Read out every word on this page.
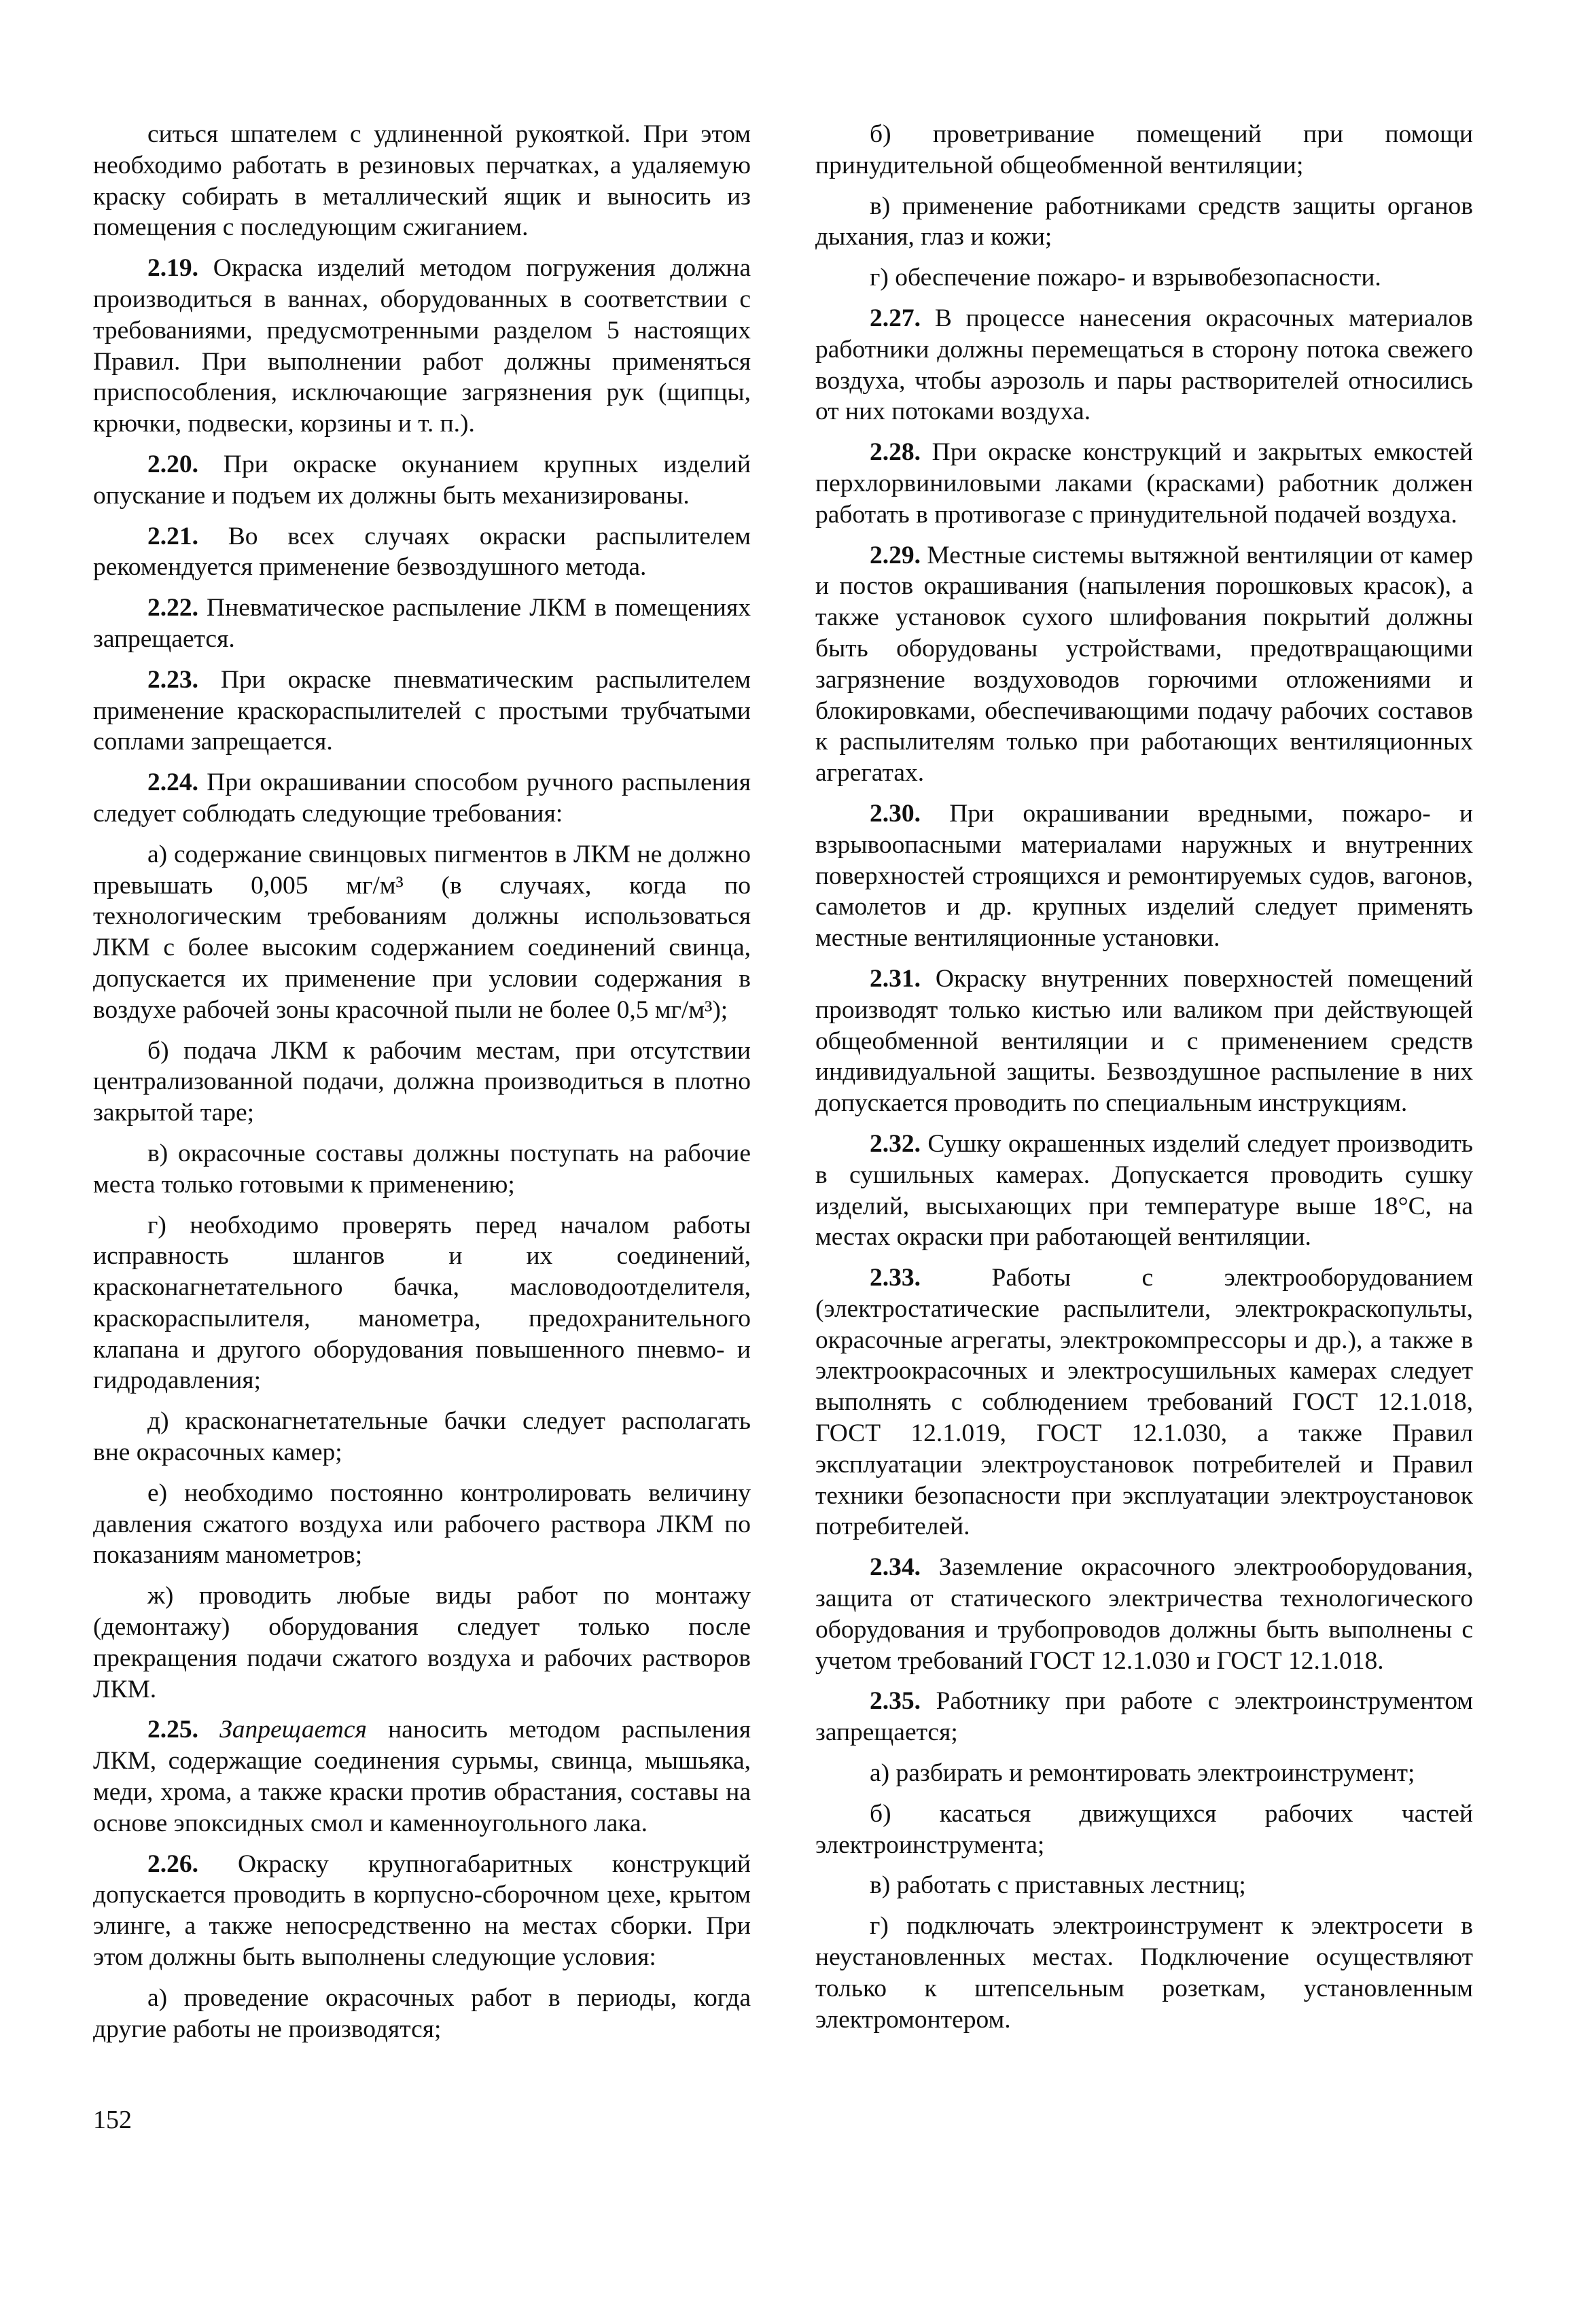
ситься шпателем с удлиненной рукояткой. При этом необходимо работать в резиновых перчатках, а удаляемую краску собирать в металлический ящик и выносить из помещения с последующим сжиганием.

2.19. Окраска изделий методом погружения должна производиться в ваннах, оборудованных в соответствии с требованиями, предусмотренными разделом 5 настоящих Правил. При выполнении работ должны применяться приспособления, исключающие загрязнения рук (щипцы, крючки, подвески, корзины и т. п.).

2.20. При окраске окунанием крупных изделий опускание и подъем их должны быть механизированы.

2.21. Во всех случаях окраски распылителем рекомендуется применение безвоздушного метода.

2.22. Пневматическое распыление ЛКМ в помещениях запрещается.

2.23. При окраске пневматическим распылителем применение краскораспылителей с простыми трубчатыми соплами запрещается.

2.24. При окрашивании способом ручного распыления следует соблюдать следующие требования:

а) содержание свинцовых пигментов в ЛКМ не должно превышать 0,005 мг/м³ (в случаях, когда по технологическим требованиям должны использоваться ЛКМ с более высоким содержанием соединений свинца, допускается их применение при условии содержания в воздухе рабочей зоны красочной пыли не более 0,5 мг/м³);

б) подача ЛКМ к рабочим местам, при отсутствии централизованной подачи, должна производиться в плотно закрытой таре;

в) окрасочные составы должны поступать на рабочие места только готовыми к применению;

г) необходимо проверять перед началом работы исправность шлангов и их соединений, красконагнетательного бачка, масловодоотделителя, краскораспылителя, манометра, предохранительного клапана и другого оборудования повышенного пневмо- и гидродавления;

д) красконагнетательные бачки следует располагать вне окрасочных камер;

е) необходимо постоянно контролировать величину давления сжатого воздуха или рабочего раствора ЛКМ по показаниям манометров;

ж) проводить любые виды работ по монтажу (демонтажу) оборудования следует только после прекращения подачи сжатого воздуха и рабочих растворов ЛКМ.

2.25. Запрещается наносить методом распыления ЛКМ, содержащие соединения сурьмы, свинца, мышьяка, меди, хрома, а также краски против обрастания, составы на основе эпоксидных смол и каменноугольного лака.

2.26. Окраску крупногабаритных конструкций допускается проводить в корпусно-сборочном цехе, крытом элинге, а также непосредственно на местах сборки. При этом должны быть выполнены следующие условия:

а) проведение окрасочных работ в периоды, когда другие работы не производятся;

б) проветривание помещений при помощи принудительной общеобменной вентиляции;

в) применение работниками средств защиты органов дыхания, глаз и кожи;

г) обеспечение пожаро- и взрывобезопасности.

2.27. В процессе нанесения окрасочных материалов работники должны перемещаться в сторону потока свежего воздуха, чтобы аэрозоль и пары растворителей относились от них потоками воздуха.

2.28. При окраске конструкций и закрытых емкостей перхлорвиниловыми лаками (красками) работник должен работать в противогазе с принудительной подачей воздуха.

2.29. Местные системы вытяжной вентиляции от камер и постов окрашивания (напыления порошковых красок), а также установок сухого шлифования покрытий должны быть оборудованы устройствами, предотвращающими загрязнение воздуховодов горючими отложениями и блокировками, обеспечивающими подачу рабочих составов к распылителям только при работающих вентиляционных агрегатах.

2.30. При окрашивании вредными, пожаро- и взрывоопасными материалами наружных и внутренних поверхностей строящихся и ремонтируемых судов, вагонов, самолетов и др. крупных изделий следует применять местные вентиляционные установки.

2.31. Окраску внутренних поверхностей помещений производят только кистью или валиком при действующей общеобменной вентиляции и с применением средств индивидуальной защиты. Безвоздушное распыление в них допускается проводить по специальным инструкциям.

2.32. Сушку окрашенных изделий следует производить в сушильных камерах. Допускается проводить сушку изделий, высыхающих при температуре выше 18°С, на местах окраски при работающей вентиляции.

2.33. Работы с электрооборудованием (электростатические распылители, электрокраскопульты, окрасочные агрегаты, электрокомпрессоры и др.), а также в электроокрасочных и электросушильных камерах следует выполнять с соблюдением требований ГОСТ 12.1.018, ГОСТ 12.1.019, ГОСТ 12.1.030, а также Правил эксплуатации электроустановок потребителей и Правил техники безопасности при эксплуатации электроустановок потребителей.

2.34. Заземление окрасочного электрооборудования, защита от статического электричества технологического оборудования и трубопроводов должны быть выполнены с учетом требований ГОСТ 12.1.030 и ГОСТ 12.1.018.

2.35. Работнику при работе с электроинструментом запрещается;

а) разбирать и ремонтировать электроинструмент;

б) касаться движущихся рабочих частей электроинструмента;

в) работать с приставных лестниц;

г) подключать электроинструмент к электросети в неустановленных местах. Подключение осуществляют только к штепсельным розеткам, установленным электромонтером.

152
